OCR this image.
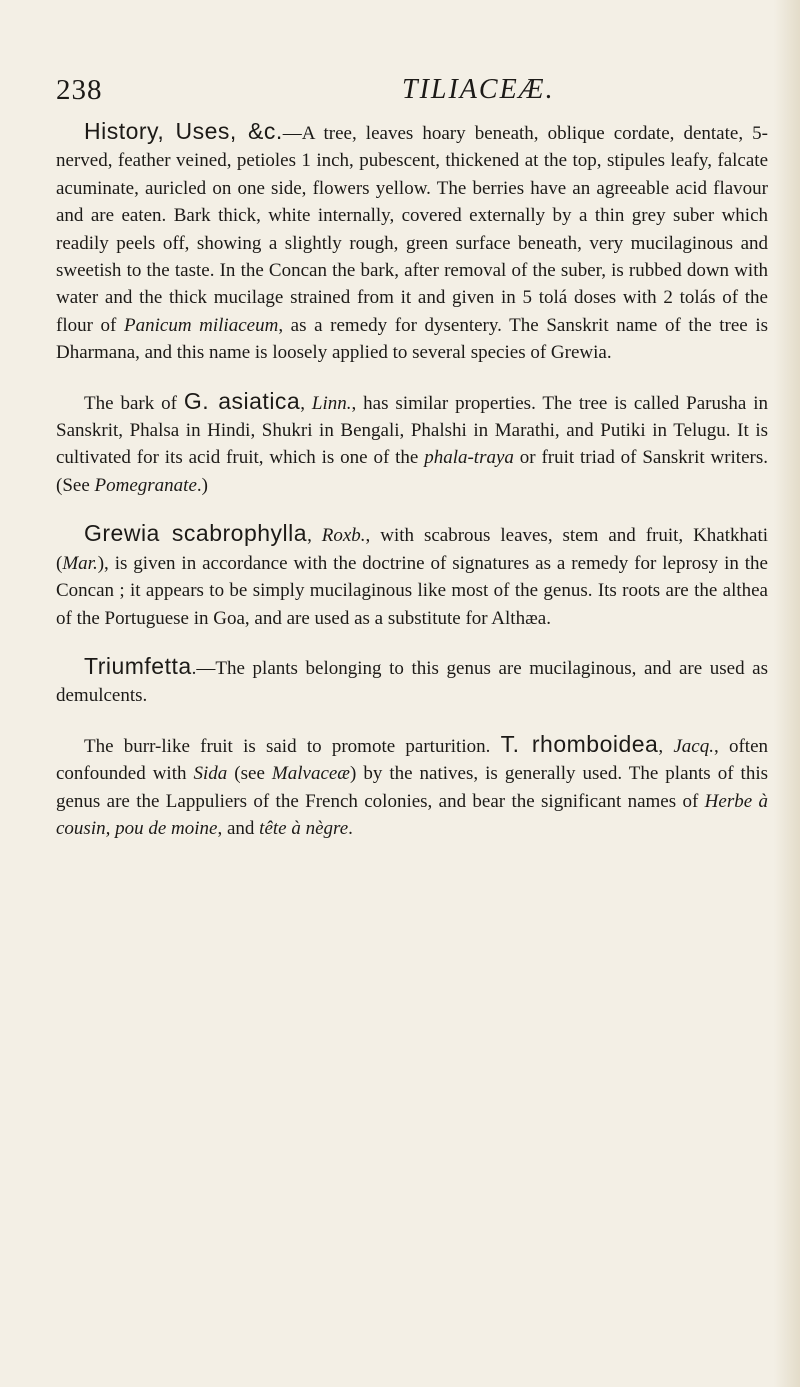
238	TILIACEÆ.

History, Uses, &c.—A tree, leaves hoary beneath, oblique cordate, dentate, 5-nerved, feather veined, petioles 1 inch, pubescent, thickened at the top, stipules leafy, falcate acuminate, auricled on one side, flowers yellow. The berries have an agreeable acid flavour and are eaten. Bark thick, white internally, covered externally by a thin grey suber which readily peels off, showing a slightly rough, green surface beneath, very mucilaginous and sweetish to the taste. In the Concan the bark, after removal of the suber, is rubbed down with water and the thick mucilage strained from it and given in 5 tolá doses with 2 tolás of the flour of Panicum miliaceum, as a remedy for dysentery. The Sanskrit name of the tree is Dharmana, and this name is loosely applied to several species of Grewia.

The bark of G. asiatica, Linn., has similar properties. The tree is called Parusha in Sanskrit, Phalsa in Hindi, Shukri in Bengali, Phalshi in Marathi, and Putiki in Telugu. It is cultivated for its acid fruit, which is one of the phala-traya or fruit triad of Sanskrit writers. (See Pomegranate.)

Grewia scabrophylla, Roxb., with scabrous leaves, stem and fruit, Khatkhati (Mar.), is given in accordance with the doctrine of signatures as a remedy for leprosy in the Concan ; it appears to be simply mucilaginous like most of the genus. Its roots are the althea of the Portuguese in Goa, and are used as a substitute for Althæa.

Triumfetta.—The plants belonging to this genus are mucilaginous, and are used as demulcents.

The burr-like fruit is said to promote parturition. T. rhomboidea, Jacq., often confounded with Sida (see Malvaceæ) by the natives, is generally used. The plants of this genus are the Lappuliers of the French colonies, and bear the significant names of Herbe à cousin, pou de moine, and tête à nègre.
